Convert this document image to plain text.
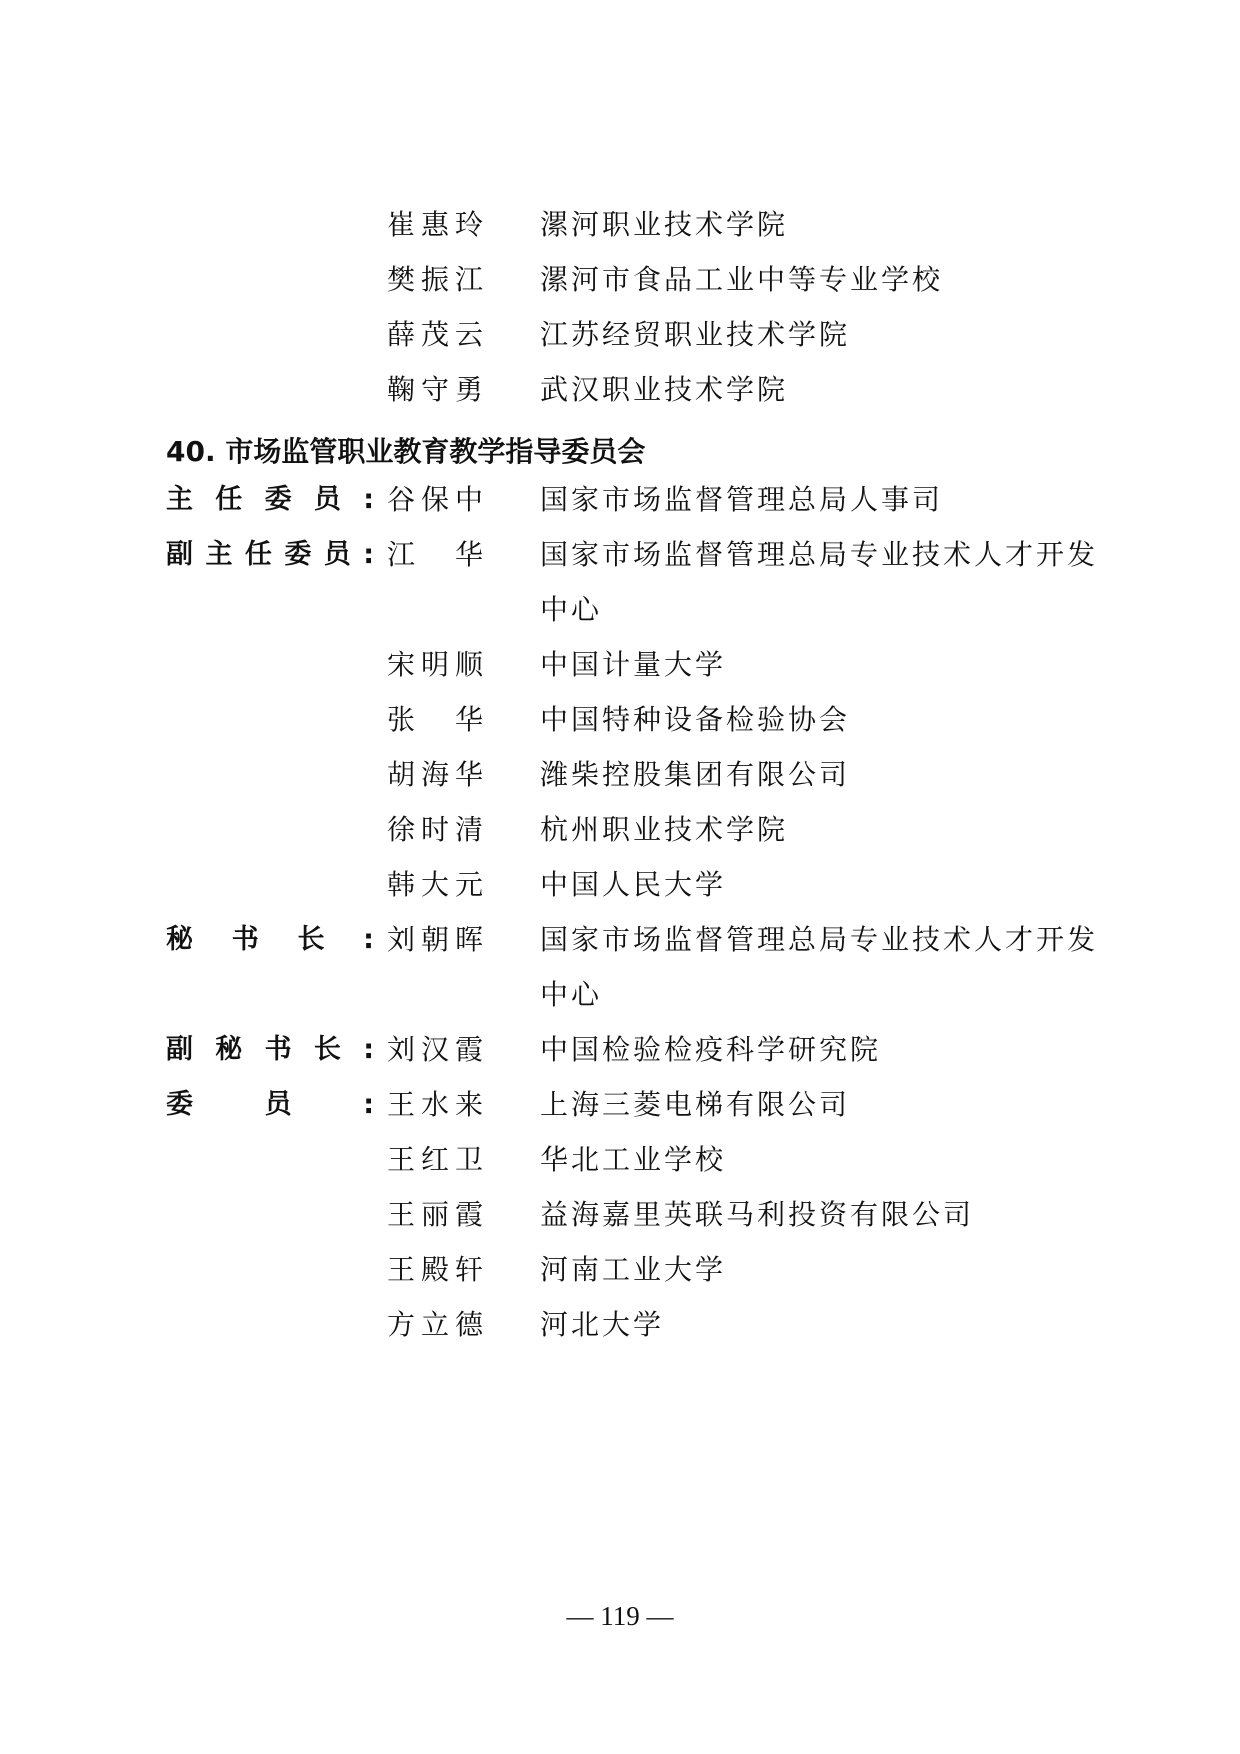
崔惠玲 漯河职业技术学院
樊振江 漯河市食品工业中等专业学校
薛茂云 江苏经贸职业技术学院
鞠守勇 武汉职业技术学院
40. 市场监管职业教育教学指导委员会
主 任 委 员 : 谷保中 国家市场监督管理总局人事司
副 主 任 委 员 : 江　华 国家市场监督管理总局专业技术人才开发
中心
宋明顺 中国计量大学
张　华 中国特种设备检验协会
胡海华 潍柴控股集团有限公司
徐时清 杭州职业技术学院
韩大元 中国人民大学
秘 书 长 : 刘朝晖 国家市场监督管理总局专业技术人才开发
中心
副 秘 书 长 : 刘汉霞 中国检验检疫科学研究院
委	员	: 王水来 上海三菱电梯有限公司
王红卫 华北工业学校
王丽霞 益海嘉里英联马利投资有限公司
王殿轩 河南工业大学
方立德 河北大学
— 119 —
